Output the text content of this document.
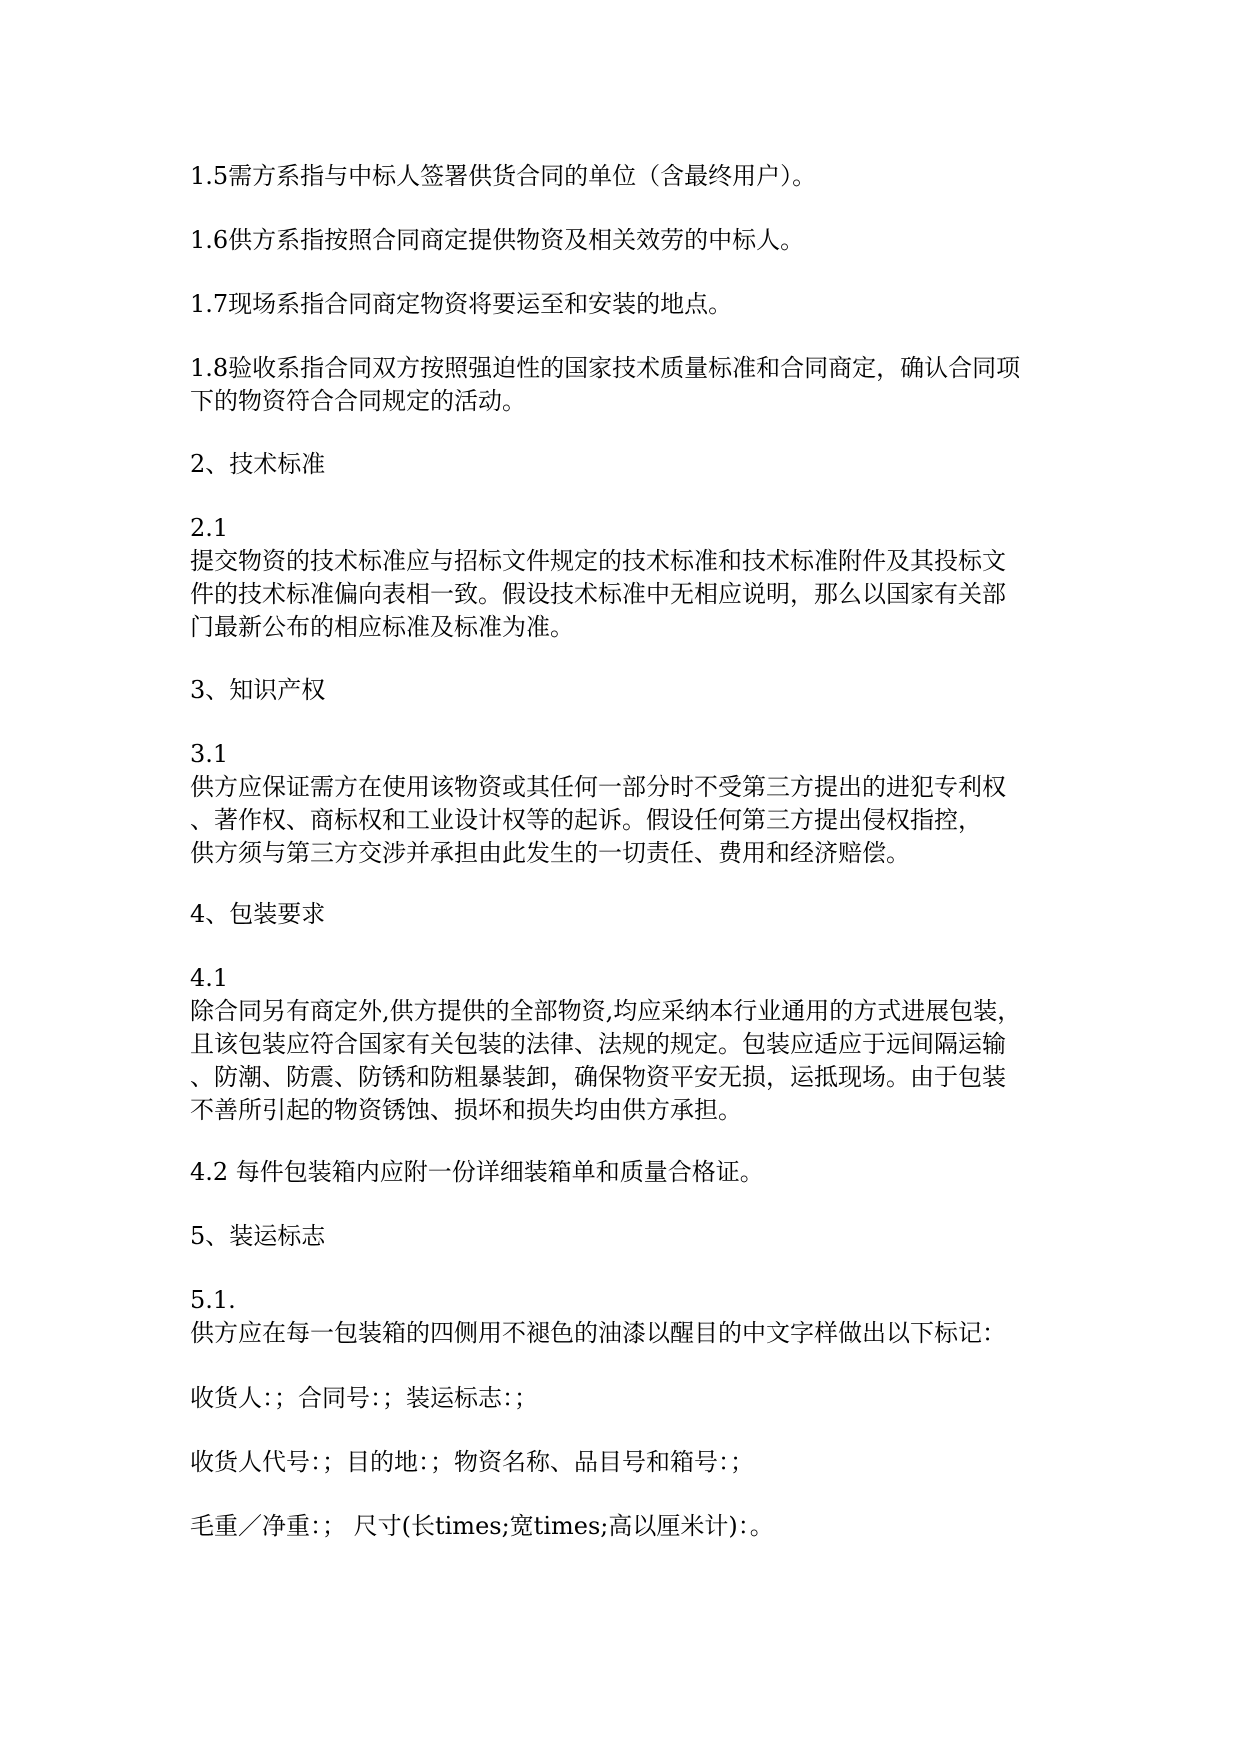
1.5需方系指与中标人签署供货合同的单位（含最终用户）。
1.6供方系指按照合同商定提供物资及相关效劳的中标人。
1.7现场系指合同商定物资将要运至和安装的地点。
1.8验收系指合同双方按照强迫性的国家技术质量标准和合同商定，确认合同项
下的物资符合合同规定的活动。
2、技术标准
2.1
提交物资的技术标准应与招标文件规定的技术标准和技术标准附件及其投标文
件的技术标准偏向表相一致。假设技术标准中无相应说明，那么以国家有关部
门最新公布的相应标准及标准为准。
3、知识产权
3.1
供方应保证需方在使用该物资或其任何一部分时不受第三方提出的进犯专利权
、著作权、商标权和工业设计权等的起诉。假设任何第三方提出侵权指控，
供方须与第三方交涉并承担由此发生的一切责任、费用和经济赔偿。
4、包装要求
4.1
除合同另有商定外,供方提供的全部物资,均应采纳本行业通用的方式进展包装，
且该包装应符合国家有关包装的法律、法规的规定。包装应适应于远间隔运输
、防潮、防震、防锈和防粗暴装卸，确保物资平安无损，运抵现场。由于包装
不善所引起的物资锈蚀、损坏和损失均由供方承担。
4.2 每件包装箱内应附一份详细装箱单和质量合格证。
5、装运标志
5.1.
供方应在每一包装箱的四侧用不褪色的油漆以醒目的中文字样做出以下标记：
收货人：；合同号：；装运标志：；
收货人代号：；目的地：；物资名称、品目号和箱号：；
毛重／净重：； 尺寸(长times;宽times;高以厘米计)：。
